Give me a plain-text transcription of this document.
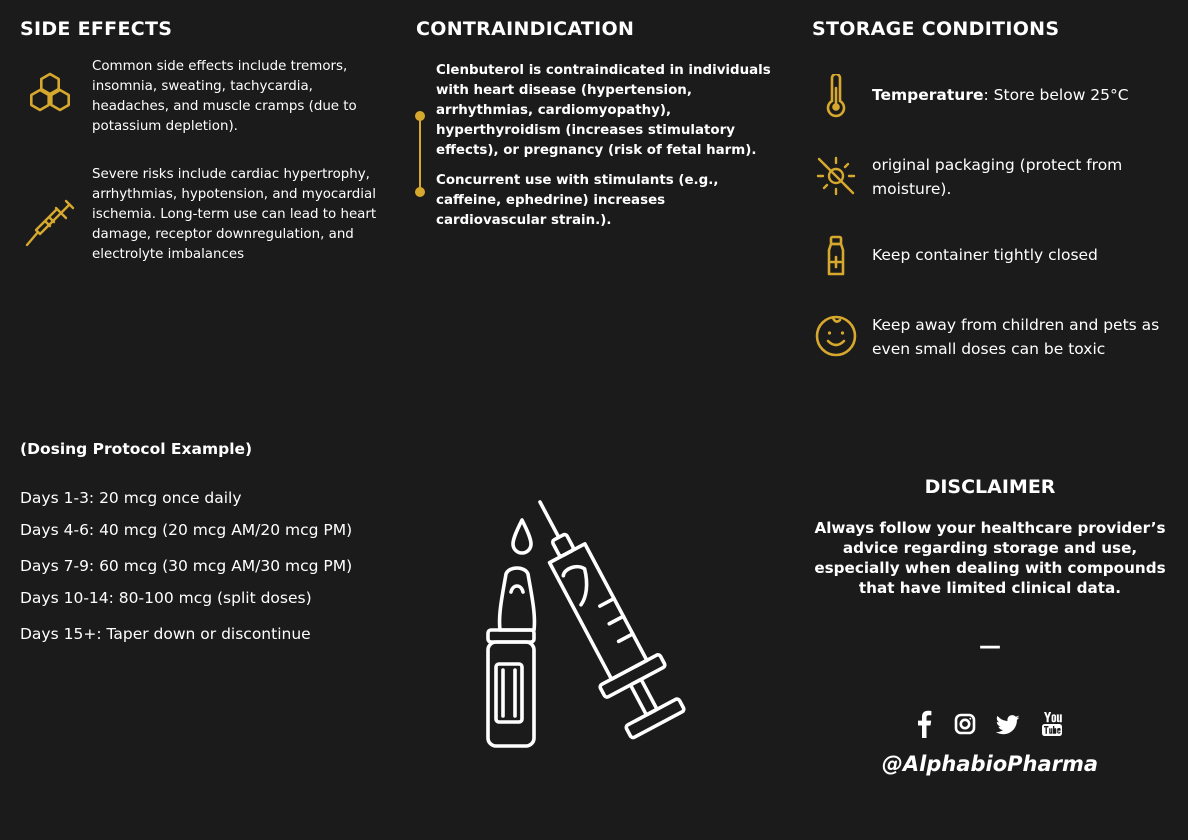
SIDE EFFECTS
Common side effects include tremors, insomnia, sweating, tachycardia, headaches, and muscle cramps (due to potassium depletion).
Severe risks include cardiac hypertrophy, arrhythmias, hypotension, and myocardial ischemia. Long-term use can lead to heart damage, receptor downregulation, and electrolyte imbalances
CONTRAINDICATION
Clenbuterol is contraindicated in individuals with heart disease (hypertension, arrhythmias, cardiomyopathy), hyperthyroidism (increases stimulatory effects), or pregnancy (risk of fetal harm).
Concurrent use with stimulants (e.g., caffeine, ephedrine) increases cardiovascular strain.).
STORAGE CONDITIONS
Temperature: Store below 25°C
original packaging (protect from moisture).
Keep container tightly closed
Keep away from children and pets as even small doses can be toxic
(Dosing Protocol Example)
Days 1-3: 20 mcg once daily
Days 4-6: 40 mcg (20 mcg AM/20 mcg PM)
Days 7-9: 60 mcg (30 mcg AM/30 mcg PM)
Days 10-14: 80-100 mcg (split doses)
Days 15+: Taper down or discontinue
DISCLAIMER
Always follow your healthcare provider’s advice regarding storage and use, especially when dealing with compounds that have limited clinical data.
—
@AlphabioPharma
